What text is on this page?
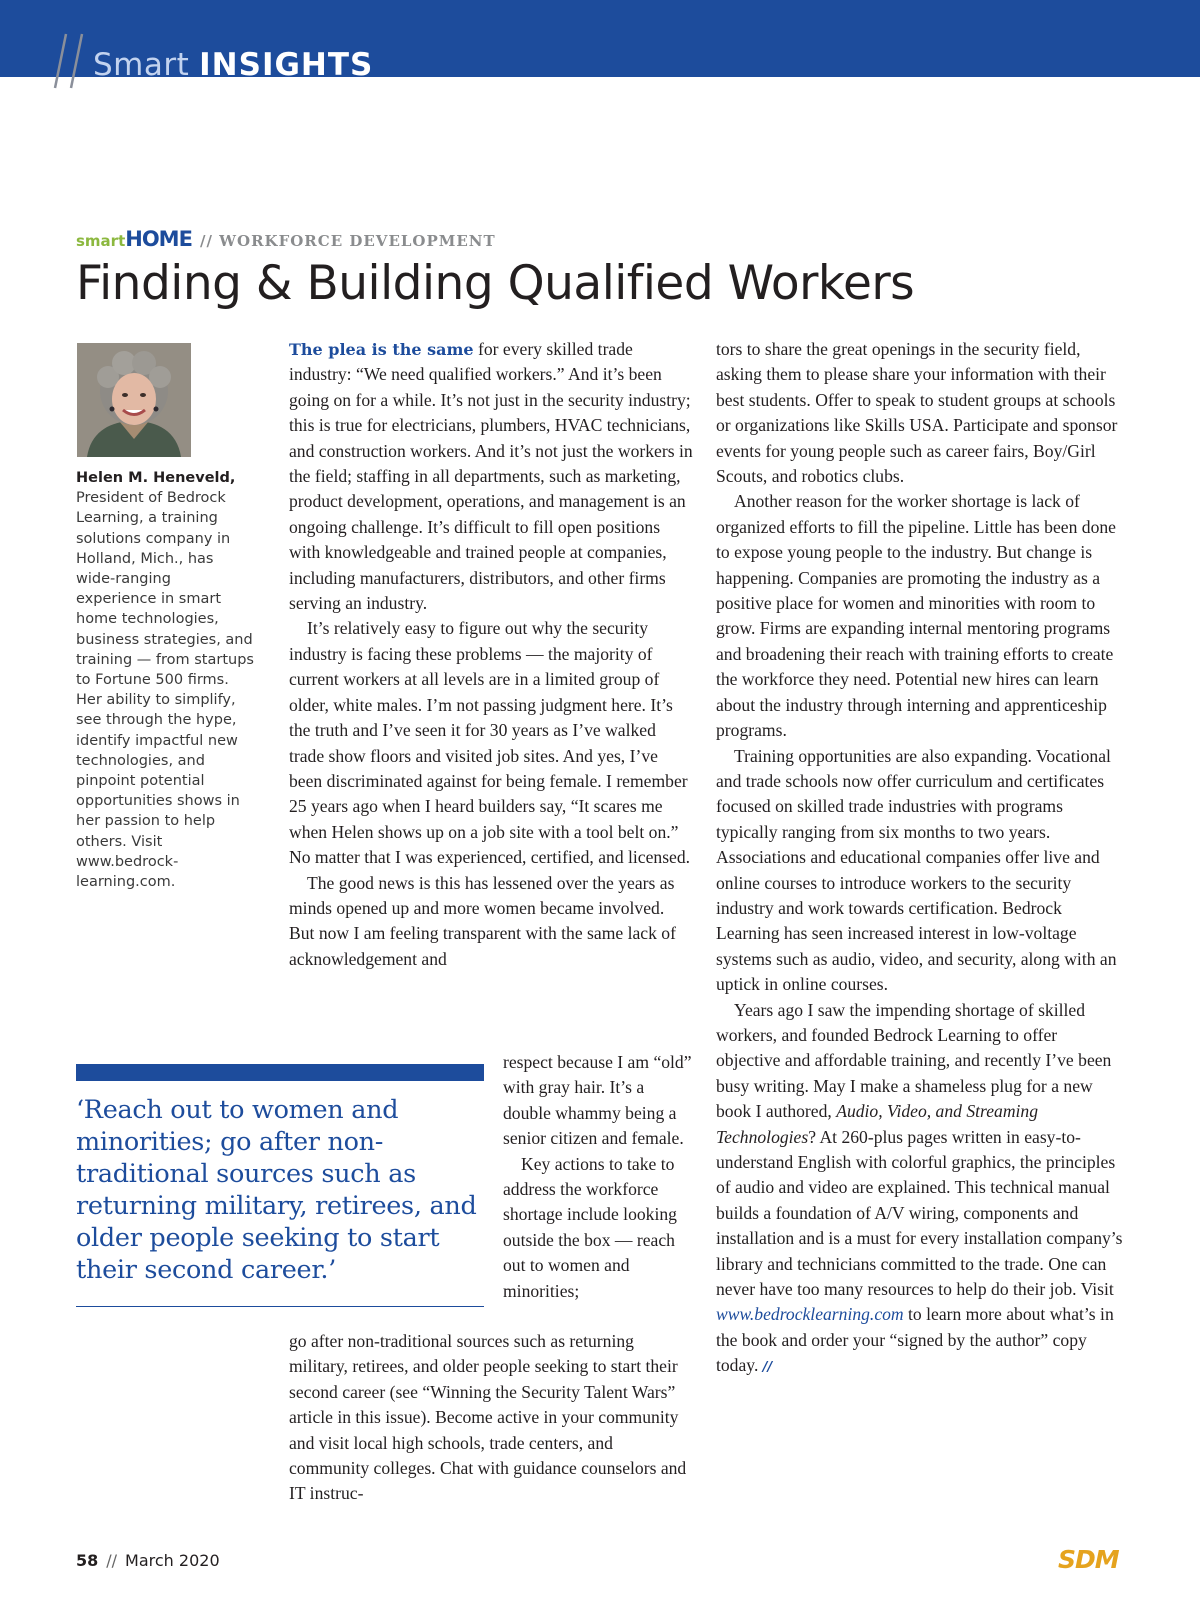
Smart INSIGHTS
smartHOME // WORKFORCE DEVELOPMENT
Finding & Building Qualified Workers
Helen M. Heneveld,
President of Bedrock Learning, a training solutions company in Holland, Mich., has wide-ranging experience in smart home technologies, business strategies, and training — from startups to Fortune 500 firms. Her ability to simplify, see through the hype, identify impactful new technologies, and pinpoint potential opportunities shows in her passion to help others. Visit www.bedrock-learning.com.

The plea is the same for every skilled trade industry: “We need qualified workers.” And it’s been going on for a while. It’s not just in the security industry; this is true for electricians, plumbers, HVAC technicians, and construction workers. And it’s not just the workers in the field; staffing in all departments, such as marketing, product development, operations, and management is an ongoing challenge. It’s difficult to fill open positions with knowledgeable and trained people at companies, including manufacturers, distributors, and other firms serving an industry.

It’s relatively easy to figure out why the security industry is facing these problems — the majority of current workers at all levels are in a limited group of older, white males. I’m not passing judgment here. It’s the truth and I’ve seen it for 30 years as I’ve walked trade show floors and visited job sites. And yes, I’ve been discriminated against for being female. I remember 25 years ago when I heard builders say, “It scares me when Helen shows up on a job site with a tool belt on.” No matter that I was experienced, certified, and licensed.

The good news is this has lessened over the years as minds opened up and more women became involved. But now I am feeling transparent with the same lack of acknowledgement and

respect because I am “old” with gray hair. It’s a double whammy being a senior citizen and female.

Key actions to take to address the workforce shortage include looking outside the box — reach out to women and minorities;

go after non-traditional sources such as returning military, retirees, and older people seeking to start their second career (see “Winning the Security Talent Wars” article in this issue). Become active in your community and visit local high schools, trade centers, and community colleges. Chat with guidance counselors and IT instruc-

tors to share the great openings in the security field, asking them to please share your information with their best students. Offer to speak to student groups at schools or organizations like Skills USA. Participate and sponsor events for young people such as career fairs, Boy/Girl Scouts, and robotics clubs.

Another reason for the worker shortage is lack of organized efforts to fill the pipeline. Little has been done to expose young people to the industry. But change is happening. Companies are promoting the industry as a positive place for women and minorities with room to grow. Firms are expanding internal mentoring programs and broadening their reach with training efforts to create the workforce they need. Potential new hires can learn about the industry through interning and apprenticeship programs.

Training opportunities are also expanding. Vocational and trade schools now offer curriculum and certificates focused on skilled trade industries with programs typically ranging from six months to two years. Associations and educational companies offer live and online courses to introduce workers to the security industry and work towards certification. Bedrock Learning has seen increased interest in low-voltage systems such as audio, video, and security, along with an uptick in online courses.

Years ago I saw the impending shortage of skilled workers, and founded Bedrock Learning to offer objective and affordable training, and recently I’ve been busy writing. May I make a shameless plug for a new book I authored, Audio, Video, and Streaming Technologies? At 260-plus pages written in easy-to-understand English with colorful graphics, the principles of audio and video are explained. This technical manual builds a foundation of A/V wiring, components and installation and is a must for every installation company’s library and technicians committed to the trade. One can never have too many resources to help do their job. Visit www.bedrocklearning.com to learn more about what’s in the book and order your “signed by the author” copy today. //

‘Reach out to women and minorities; go after non-traditional sources such as returning military, retirees, and older people seeking to start their second career.’
58 // March 2020	SDM
